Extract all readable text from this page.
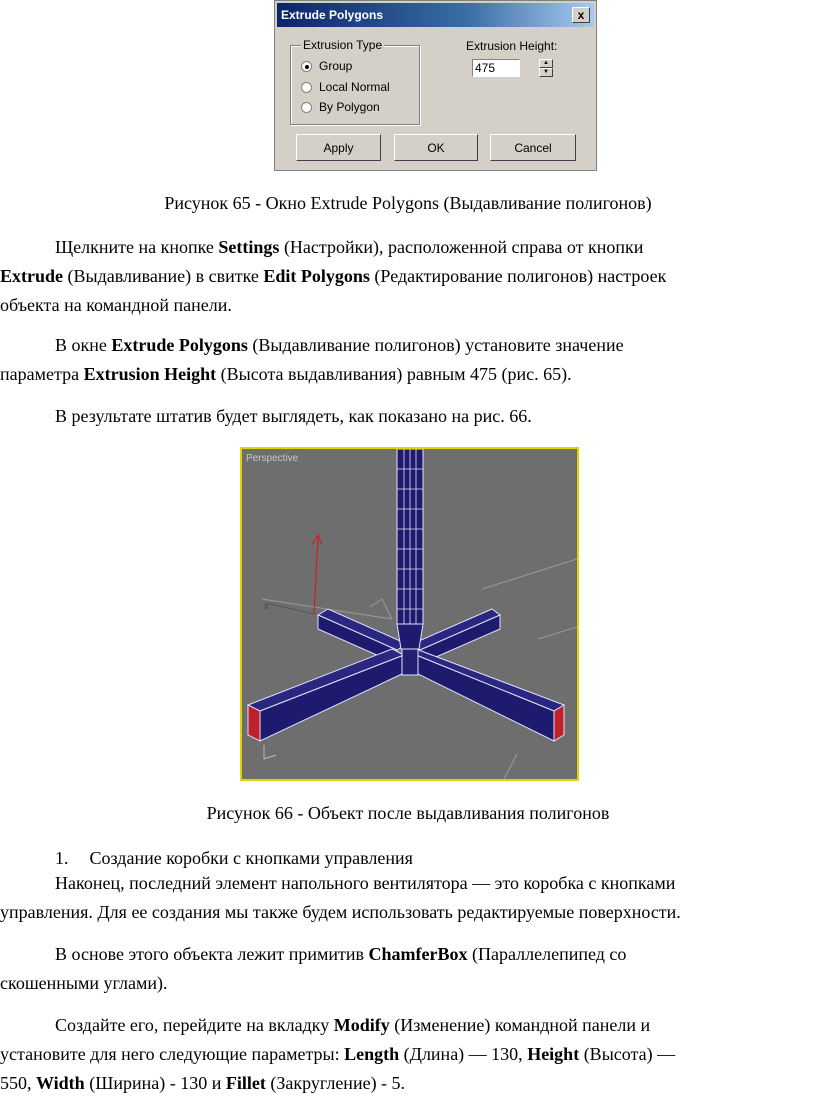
Extrude Polygons	x
Extrusion Type
Group
Local Normal
By Polygon
Extrusion Height:
475	▲
▼
Apply	OK	Cancel
Рисунок 65 - Окно Extrude Polygons (Выдавливание полигонов)
Щелкните на кнопке Settings (Настройки), расположенной справа от кнопки
Extrude (Выдавливание) в свитке Edit Polygons (Редактирование полигонов) настроек
объекта на командной панели.
В окне Extrude Polygons (Выдавливание полигонов) установите значение
параметра Extrusion Height (Высота выдавливания) равным 475 (рис. 65).
В результате штатив будет выглядеть, как показано на рис. 66.
Perspective
x
Рисунок 66 - Объект после выдавливания полигонов
1. Создание коробки с кнопками управления
Наконец, последний элемент напольного вентилятора — это коробка с кнопками
управления. Для ее создания мы также будем использовать редактируемые поверхности.
В основе этого объекта лежит примитив ChamferBox (Параллелепипед со
скошенными углами).
Создайте его, перейдите на вкладку Modify (Изменение) командной панели и
установите для него следующие параметры: Length (Длина) — 130, Height (Высота) —
550, Width (Ширина) - 130 и Fillet (Закругление) - 5.
